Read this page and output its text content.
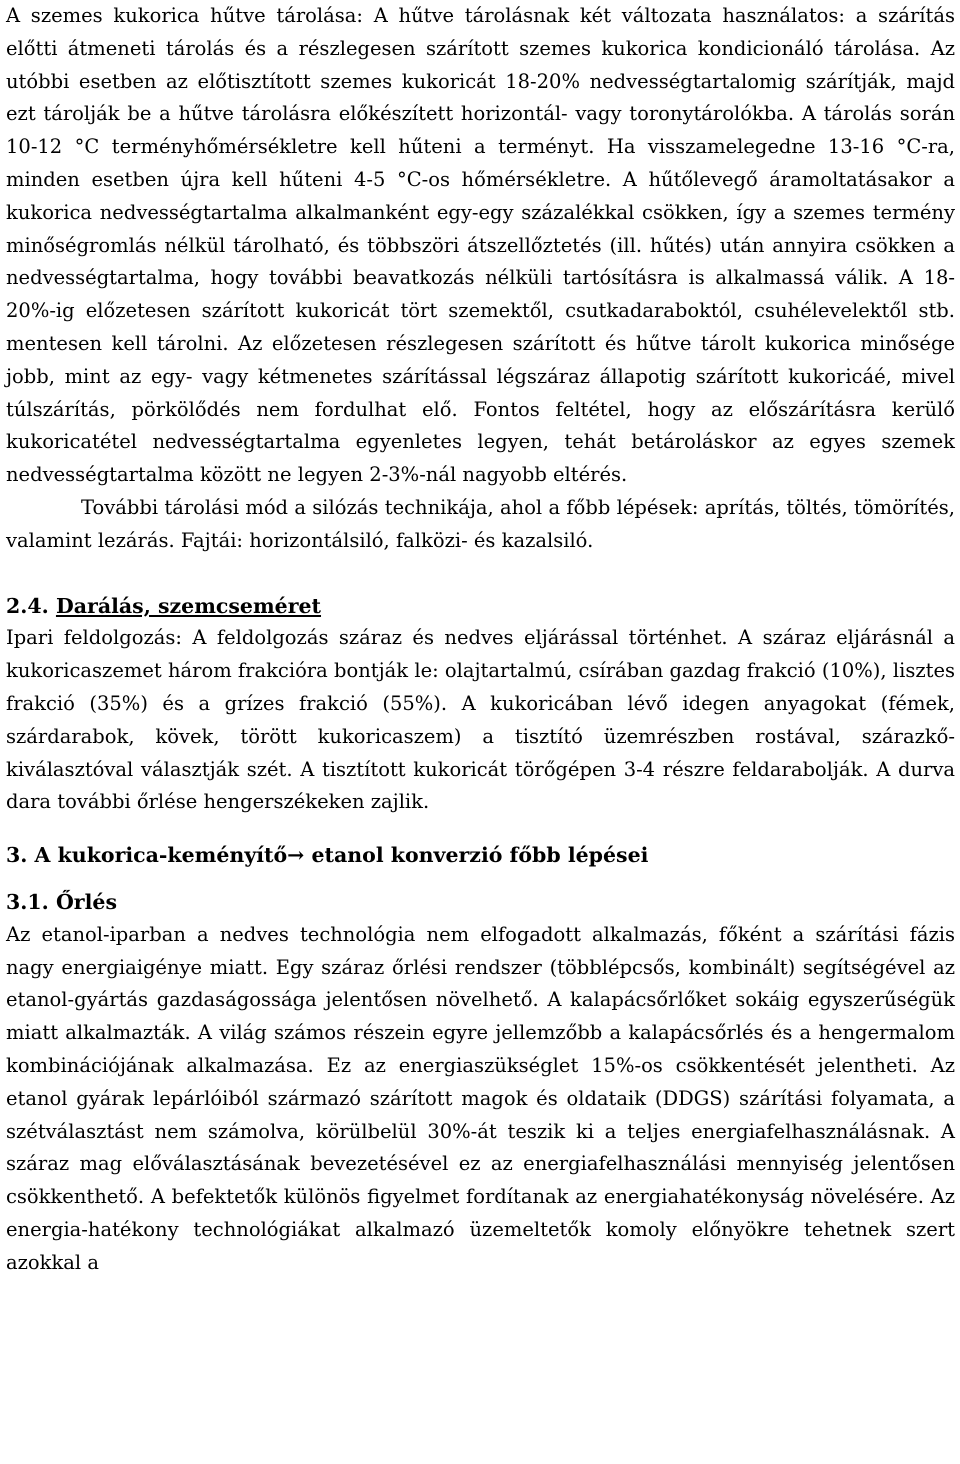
A szemes kukorica hűtve tárolása: A hűtve tárolásnak két változata használatos: a szárítás előtti átmeneti tárolás és a részlegesen szárított szemes kukorica kondicionáló tárolása. Az utóbbi esetben az előtisztított szemes kukoricát 18-20% nedvességtartalomig szárítják, majd ezt tárolják be a hűtve tárolásra előkészített horizontál- vagy toronytárolókba. A tárolás során 10-12 °C terményhőmérsékletre kell hűteni a terményt. Ha visszamelegedne 13-16 °C-ra, minden esetben újra kell hűteni 4-5 °C-os hőmérsékletre. A hűtőlevegő áramoltatásakor a kukorica nedvességtartalma alkalmanként egy-egy százalékkal csökken, így a szemes termény minőségromlás nélkül tárolható, és többszöri átszellőztetés (ill. hűtés) után annyira csökken a nedvességtartalma, hogy további beavatkozás nélküli tartósításra is alkalmassá válik. A 18-20%-ig előzetesen szárított kukoricát tört szemektől, csutkadaraboktól, csuhélevelektől stb. mentesen kell tárolni. Az előzetesen részlegesen szárított és hűtve tárolt kukorica minősége jobb, mint az egy- vagy kétmenetes szárítással légszáraz állapotig szárított kukoricáé, mivel túlszárítás, pörkölődés nem fordulhat elő. Fontos feltétel, hogy az előszárításra kerülő kukoricatétel nedvességtartalma egyenletes legyen, tehát betároláskor az egyes szemek nedvességtartalma között ne legyen 2-3%-nál nagyobb eltérés.

További tárolási mód a silózás technikája, ahol a főbb lépések: aprítás, töltés, tömörítés, valamint lezárás. Fajtái: horizontálsiló, falközi- és kazalsiló.

2.4. Darálás, szemcseméret

Ipari feldolgozás: A feldolgozás száraz és nedves eljárással történhet. A száraz eljárásnál a kukoricaszemet három frakcióra bontják le: olajtartalmú, csírában gazdag frakció (10%), lisztes frakció (35%) és a grízes frakció (55%). A kukoricában lévő idegen anyagokat (fémek, szárdarabok, kövek, törött kukoricaszem) a tisztító üzemrészben rostával, szárazkő-kiválasztóval választják szét. A tisztított kukoricát törőgépen 3-4 részre feldarabolják. A durva dara további őrlése hengerszékeken zajlik.

3. A kukorica-keményítő→ etanol konverzió főbb lépései
3.1. Őrlés

Az etanol-iparban a nedves technológia nem elfogadott alkalmazás, főként a szárítási fázis nagy energiaigénye miatt. Egy száraz őrlési rendszer (többlépcsős, kombinált) segítségével az etanol-gyártás gazdaságossága jelentősen növelhető. A kalapácsőrlőket sokáig egyszerűségük miatt alkalmazták. A világ számos részein egyre jellemzőbb a kalapácsőrlés és a hengermalom kombinációjának alkalmazása. Ez az energiaszükséglet 15%-os csökkentését jelentheti. Az etanol gyárak lepárlóiból származó szárított magok és oldataik (DDGS) szárítási folyamata, a szétválasztást nem számolva, körülbelül 30%-át teszik ki a teljes energiafelhasználásnak. A száraz mag előválasztásának bevezetésével ez az energiafelhasználási mennyiség jelentősen csökkenthető. A befektetők különös figyelmet fordítanak az energiahatékonyság növelésére. Az energia-hatékony technológiákat alkalmazó üzemeltetők komoly előnyökre tehetnek szert azokkal a
